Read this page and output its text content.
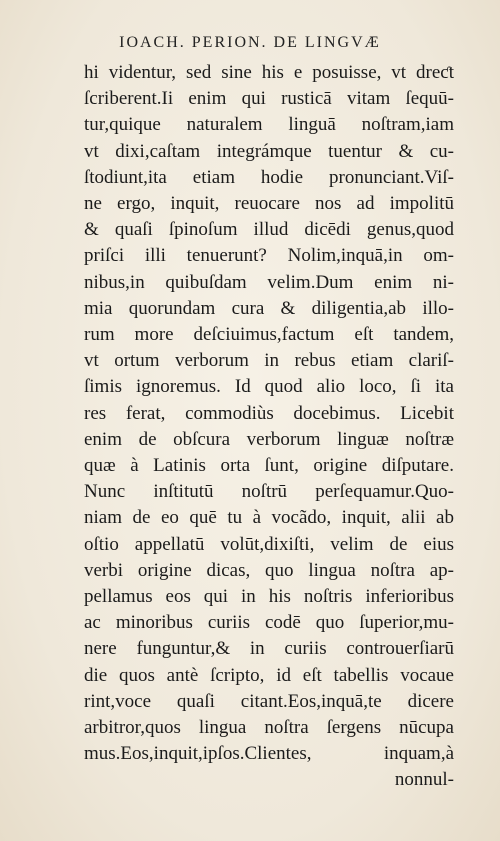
IOACH. PERION. DE LINGVÆ
hi videntur, sed sine his e posuisse, vt dreƈt
ſcriberent.Ii enim qui rusticā vitam ſequū-
tur,quique naturalem linguā noſtram,iam
vt dixi,caſtam integrámque tuentur & cu-
ſtodiunt,ita etiam hodie pronunciant.Viſ-
ne ergo, inquit, reuocare nos ad impolitū
& quaſi ſpinoſum illud dicēdi genus,quod
priſci illi tenuerunt? Nolim,inquā,in om-
nibus,in quibuſdam velim.Dum enim ni-
mia quorundam cura & diligentia,ab illo-
rum more deſciuimus,factum eſt tandem,
vt ortum verborum in rebus etiam clariſ-
ſimis ignoremus. Id quod alio loco, ſi ita
res ferat, commodiùs docebimus. Licebit
enim de obſcura verborum linguæ noſtræ
quæ à Latinis orta ſunt, origine diſputare.
Nunc inſtitutū noſtrū perſequamur.Quo-
niam de eo quē tu à vocãdo, inquit, alii ab
oſtio appellatū volūt,dixiſti, velim de eius
verbi origine dicas, quo lingua noſtra ap-
pellamus eos qui in his noſtris inferioribus
ac minoribus curiis codē quo ſuperior,mu-
nere funguntur,& in curiis controuerſiarū
die quos antè ſcripto, id eſt tabellis vocaue
rint,voce quaſi citant.Eos,inquā,te dicere
arbitror,quos lingua noſtra ſergens nūcupa
mus.Eos,inquit,ipſos.Clientes, inquam,à
nonnul-
